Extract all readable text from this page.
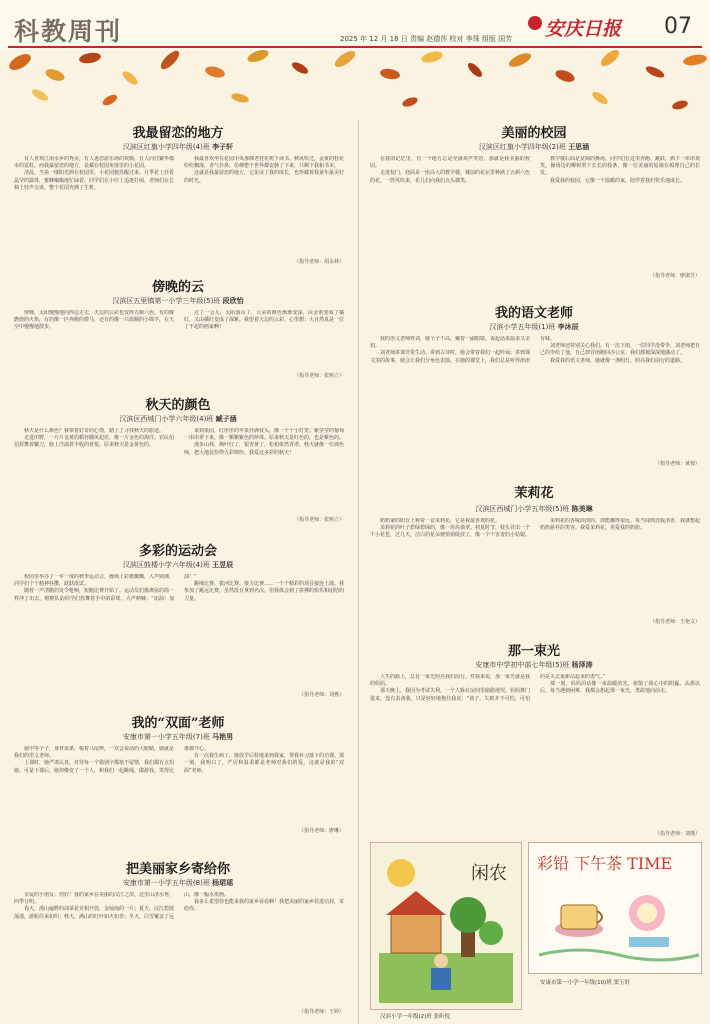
科教周刊	2025 年 12 月 18 日 责编 赵德莎 校对 李珠 组版 国芳 安庆日报 07
我最留恋的地方
汉滨区红旗小学四年级(4)班 李子轩

有人喜欢江南水乡的秀美，有人迷恋游乐场的欢腾，有人向往繁华都市的霓虹。而我最留恋的地方，是藏在校园角落里的小花园。

清晨，当第一缕阳光洒在校园里，小花园便苏醒过来。月季花上挂着晶莹的露珠，蜜蜂嗡嗡地忙碌着。同学们在小径上追逐打闹，老师们在长椅上轻声交谈，整个花园充满了生机。

我最喜欢坐在花园中央那棵老桂花树下读书。秋风吹过，金黄的桂花纷纷飘落，香气扑鼻，仿佛整个世界都安静了下来，只剩下我和书本。

这就是我最留恋的地方，它见证了我的成长，也珍藏着我童年最美好的时光。

（指导老师：胡永林）
傍晚的云
汉滨区五里镇第一小学三年级(5)班 段欣怡

傍晚，太阳慢慢地向西边走去，天边的云彩也变得五颜六色。有的像燃烧的火焰，有的像一匹奔跑的骏马，还有的像一只温顺的小绵羊，在天空中慢慢地散步。

过了一会儿，太阳落山了，云朵的颜色渐渐变深，由金黄变成了橘红，又由橘红变成了深紫。我望着天边的云彩，心里想：大自然真是一位了不起的画家啊！

（指导老师：张树立）
秋天的颜色
汉滨区西城门小学六年级(4)班 臧子涵

秋天是什么颜色？我带着好奇的心情，踏上了寻找秋天的旅途。

走进田野，一片片金黄的稻谷随风起伏，像一片金色的海洋。农民伯伯挥舞着镰刀，脸上洋溢着丰收的喜悦。原来秋天是金黄色的。

来到果园，红彤彤的苹果挂满枝头，像一个个小灯笼；紫莹莹的葡萄一串串垂下来，像一颗颗紫色的珍珠。原来秋天是红色的，也是紫色的。

漫步山林，枫叶红了，银杏黄了，松柏依然青翠。秋天就像一位调色师，把大地装扮得五彩缤纷。我爱这多彩的秋天！

（指导老师：张树立）
多彩的运动会
汉滨区鼓楼小学六年级(4)班 王昱辰

校园里举办了一年一度的秋季运动会，操场上彩旗飘飘，人声鼎沸，同学们个个精神抖擞，跃跃欲试。

随着一声清脆的发令枪响，短跑比赛开始了。运动员们像离弦的箭一样冲了出去，啦啦队的同学们挥舞着手中的彩球，大声呐喊：“加油！加油！”

跳绳比赛、拔河比赛、接力比赛……一个个精彩的项目接连上演。我参加了跳远比赛，虽然没有拿到名次，但我体会到了拼搏的快乐和团结的力量。

（指导老师：刘燕）
我的“双面”老师
安康市第一小学五年级(7)班 马艳男

她中等个子，身材苗条，梳着马尾辫，一双会说话的大眼睛，她就是我们的语文老师。

上课时，她严肃认真，对待每一个错别字都毫不留情，我们都有点怕她。可是下课后，她却像变了一个人，和我们一起跳绳、做游戏，笑得比谁都开心。

有一次我生病了，她放学后特地来到我家，帮我补习落下的功课。那一刻，我明白了，严厉和温柔都是老师对我们的爱。这就是我的“双面”老师。

（指导老师：廖琳）
把美丽家乡寄给你
安康市第一小学五年级(8)班 杨珺瑶

亲爱的小朋友：你好！我的家乡在美丽的汉江之滨，这里山清水秀，四季分明。

春天，漫山遍野的油菜花竞相开放，金灿灿的一片；夏天，汉江碧波荡漾，游船往来如织；秋天，满山的红叶如火如荼；冬天，白雪覆盖了远山，像一幅水墨画。

我多么希望你也能来我的家乡看看啊！我把美丽的家乡装进信封，寄给你。

（指导老师：王婷）
美丽的校园
汉滨区红旗小学四年级(2)班 王思涵

在我的记忆里，有一个地方总是充满欢声笑语，那就是我美丽的校园。

走进校门，迎面是一座高大的教学楼，楼前的花坛里种满了五颜六色的花，一阵风吹来，花儿们向我们点头微笑。

教学楼后面是宽阔的操场，同学们在这里奔跑、跳跃，洒下一串串欢笑。操场边的柳树垂下长长的枝条，像一位美丽的姑娘在梳理自己的长发。

我爱我的校园，它像一个温暖的家，陪伴着我们快乐地成长。

（指导老师：廖淑芳）
我的语文老师
汉滨小学五年级(1)班 李沐辰

我的语文老师姓刘，她个子不高，戴着一副眼镜，说起话来温柔又亲切。

刘老师讲课非常生动。讲到古诗时，她会带着我们一起吟诵；讲到课文里的故事，她会让我们分角色表演。在她的课堂上，我们总是听得津津有味。

刘老师还特别关心我们。有一次下雨，一位同学没带伞，刘老师把自己的伞给了他，自己却冒雨跑回办公室。我们都被深深地感动了。

我爱我的语文老师，她就像一盏明灯，照亮我们前行的道路。

（指导老师：黄蓉）
茉莉花
汉滨区西城门小学五年级(5)班 陈美琳

奶奶家的阳台上种着一盆茉莉花，它是我最喜欢的花。

茉莉花的叶子碧绿碧绿的，像一块块翡翠。初夏时节，枝头冒出一个个小花苞，过几天，洁白的花朵便悄悄绽放了，像一个个害羞的小姑娘。

茉莉花的香味淡淡的，却能飘得很远。每当闻到这股清香，我就想起奶奶慈祥的笑容。我爱茉莉花，更爱我的奶奶。

（指导老师：王艳文）
那一束光
安康市中学初中部七年级(5)班 杨泽涛

人生的路上，总有一束光照亮我们前行。对我来说，那一束光就是我的妈妈。

那天晚上，我因为考试失利，一个人躲在房间里偷偷地哭。妈妈推门进来，没有责备我，只是轻轻地抱住我说：“孩子，失败并不可怕，可怕的是失去重新站起来的勇气。”

那一刻，妈妈的话像一束温暖的光，驱散了我心中的阴霾。从那以后，每当遇到困难，我都会想起那一束光，勇敢地向前走。

（指导老师：刘瑾）
闲农
汉滨小学一年级(2)班 张昕悦
彩铅 下午茶 TIME
安康市第一小学一年级(10)班 窦玉轩
